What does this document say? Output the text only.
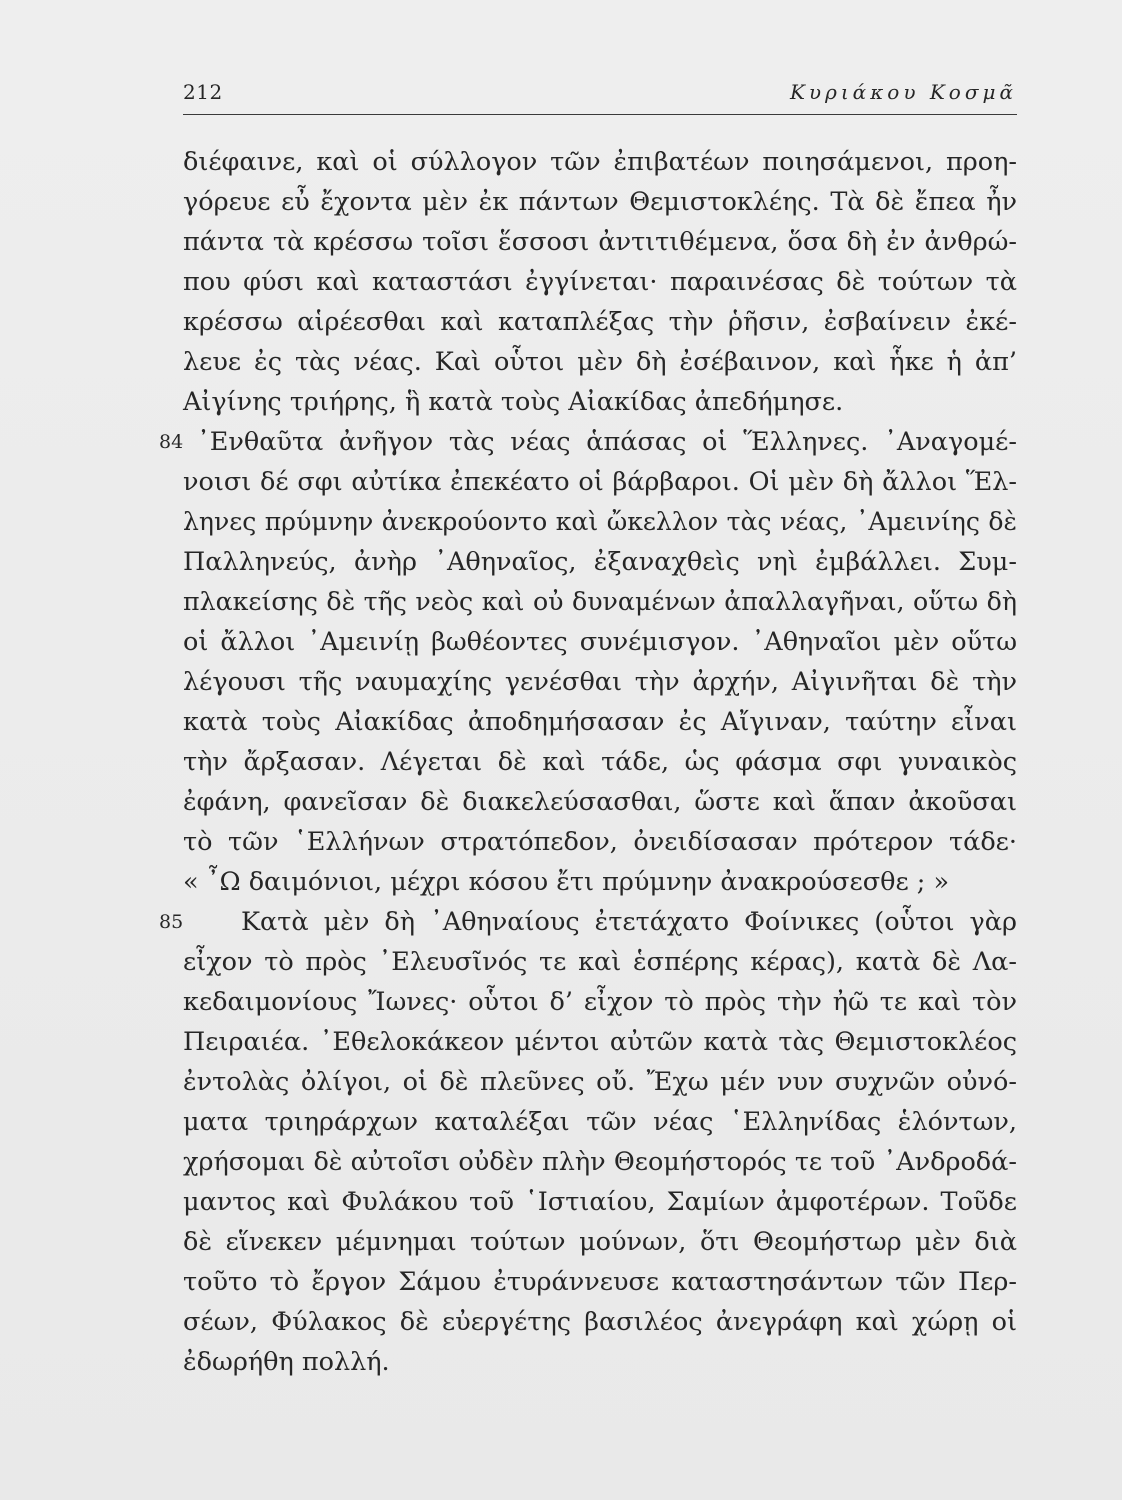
212	Κυριάκου Κοσμᾶ
διέφαινε, καὶ οἱ σύλλογον τῶν ἐπιβατέων ποιησάμενοι, προη-
γόρευε εὖ ἔχοντα μὲν ἐκ πάντων Θεμιστοκλέης. Τὰ δὲ ἔπεα ἦν
πάντα τὰ κρέσσω τοῖσι ἕσσοσι ἀντιτιθέμενα, ὅσα δὴ ἐν ἀνθρώ-
που φύσι καὶ καταστάσι ἐγγίνεται· παραινέσας δὲ τούτων τὰ
κρέσσω αἱρέεσθαι καὶ καταπλέξας τὴν ῥῆσιν, ἐσβαίνειν ἐκέ-
λευε ἐς τὰς νέας. Καὶ οὗτοι μὲν δὴ ἐσέβαινον, καὶ ἧκε ἡ ἀπ’
Αἰγίνης τριήρης, ἣ κατὰ τοὺς Αἰακίδας ἀπεδήμησε.
84 ᾿Ενθαῦτα ἀνῆγον τὰς νέας ἁπάσας οἱ Ἕλληνες. ᾿Αναγομέ-
νοισι δέ σφι αὐτίκα ἐπεκέατο οἱ βάρβαροι. Οἱ μὲν δὴ ἄλλοι Ἕλ-
ληνες πρύμνην ἀνεκρούοντο καὶ ὤκελλον τὰς νέας, ᾿Αμεινίης δὲ
Παλληνεύς, ἀνὴρ ᾿Αθηναῖος, ἐξαναχθεὶς νηὶ ἐμβάλλει. Συμ-
πλακείσης δὲ τῆς νεὸς καὶ οὐ δυναμένων ἀπαλλαγῆναι, οὕτω δὴ
οἱ ἄλλοι ᾿Αμεινίῃ βωθέοντες συνέμισγον. ᾿Αθηναῖοι μὲν οὕτω
λέγουσι τῆς ναυμαχίης γενέσθαι τὴν ἀρχήν, Αἰγινῆται δὲ τὴν
κατὰ τοὺς Αἰακίδας ἀποδημήσασαν ἐς Αἴγιναν, ταύτην εἶναι
τὴν ἄρξασαν. Λέγεται δὲ καὶ τάδε, ὡς φάσμα σφι γυναικὸς
ἐφάνη, φανεῖσαν δὲ διακελεύσασθαι, ὥστε καὶ ἅπαν ἀκοῦσαι
τὸ τῶν ῾Ελλήνων στρατόπεδον, ὀνειδίσασαν πρότερον τάδε·
« ῏Ω δαιμόνιοι, μέχρι κόσου ἔτι πρύμνην ἀνακρούσεσθε ; »
85	Κατὰ μὲν δὴ ᾿Αθηναίους ἐτετάχατο Φοίνικες (οὗτοι γὰρ
εἶχον τὸ πρὸς ᾿Ελευσῖνός τε καὶ ἑσπέρης κέρας), κατὰ δὲ Λα-
κεδαιμονίους Ἴωνες· οὗτοι δ’ εἶχον τὸ πρὸς τὴν ἠῶ τε καὶ τὸν
Πειραιέα. ᾿Εθελοκάκεον μέντοι αὐτῶν κατὰ τὰς Θεμιστοκλέος
ἐντολὰς ὀλίγοι, οἱ δὲ πλεῦνες οὔ. Ἔχω μέν νυν συχνῶν οὐνό-
ματα τριηράρχων καταλέξαι τῶν νέας ῾Ελληνίδας ἑλόντων,
χρήσομαι δὲ αὐτοῖσι οὐδὲν πλὴν Θεομήστορός τε τοῦ ᾿Ανδροδά-
μαντος καὶ Φυλάκου τοῦ ῾Ιστιαίου, Σαμίων ἀμφοτέρων. Τοῦδε
δὲ εἵνεκεν μέμνημαι τούτων μούνων, ὅτι Θεομήστωρ μὲν διὰ
τοῦτο τὸ ἔργον Σάμου ἐτυράννευσε καταστησάντων τῶν Περ-
σέων, Φύλακος δὲ εὐεργέτης βασιλέος ἀνεγράφη καὶ χώρῃ οἱ
ἐδωρήθη πολλή.
